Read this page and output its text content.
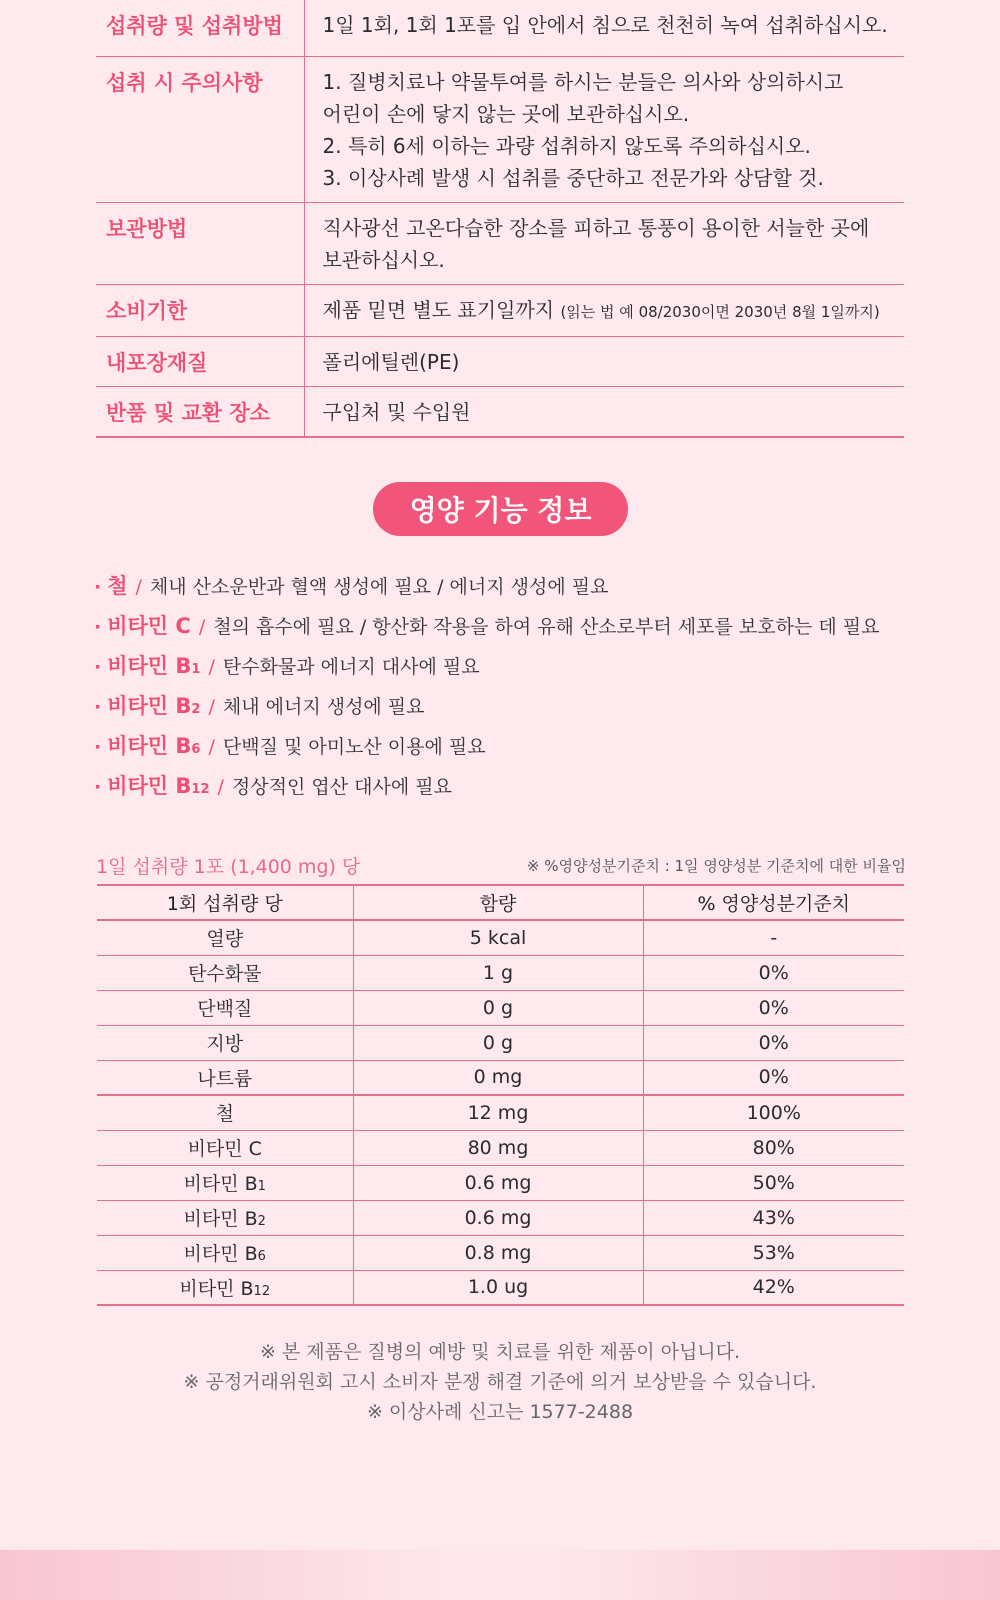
섭취량 및 섭취방법	1일 1회, 1회 1포를 입 안에서 침으로 천천히 녹여 섭취하십시오.
섭취 시 주의사항	1. 질병치료나 약물투여를 하시는 분들은 의사와 상의하시고
어린이 손에 닿지 않는 곳에 보관하십시오.
2. 특히 6세 이하는 과량 섭취하지 않도록 주의하십시오.
3. 이상사례 발생 시 섭취를 중단하고 전문가와 상담할 것.

보관방법	직사광선 고온다습한 장소를 피하고 통풍이 용이한 서늘한 곳에
보관하십시오.

소비기한	제품 밑면 별도 표기일까지 (읽는 법 예 08/2030이면 2030년 8월 1일까지)
내포장재질	폴리에틸렌(PE)
반품 및 교환 장소	구입처 및 수입원
영양 기능 정보
· 철 / 체내 산소운반과 혈액 생성에 필요 / 에너지 생성에 필요
· 비타민 C / 철의 흡수에 필요 / 항산화 작용을 하여 유해 산소로부터 세포를 보호하는 데 필요
· 비타민 B1 / 탄수화물과 에너지 대사에 필요
· 비타민 B2 / 체내 에너지 생성에 필요
· 비타민 B6 / 단백질 및 아미노산 이용에 필요
· 비타민 B12 / 정상적인 엽산 대사에 필요
1일 섭취량 1포 (1,400 mg) 당	※ %영양성분기준치 : 1일 영양성분 기준치에 대한 비율임
1회 섭취량 당	함량	% 영양성분기준치
열량	5 kcal	-
탄수화물	1 g	0%
단백질	0 g	0%
지방	0 g	0%
나트륨	0 mg	0%
철	12 mg	100%
비타민 C	80 mg	80%
비타민 B1	0.6 mg	50%
비타민 B2	0.6 mg	43%
비타민 B6	0.8 mg	53%
비타민 B12	1.0 ug	42%
※ 본 제품은 질병의 예방 및 치료를 위한 제품이 아닙니다.
※ 공정거래위원회 고시 소비자 분쟁 해결 기준에 의거 보상받을 수 있습니다.
※ 이상사례 신고는 1577-2488
